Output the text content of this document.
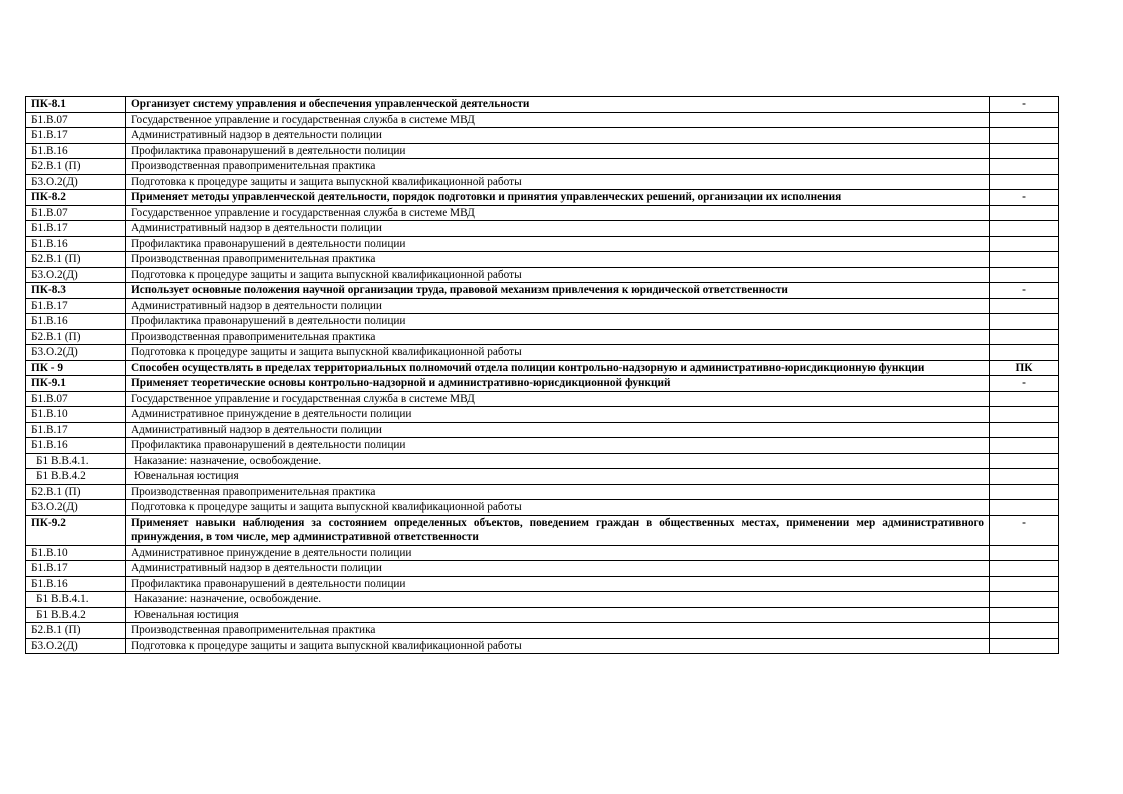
ПК-8.1	Организует систему управления и обеспечения управленческой деятельности	-
Б1.В.07	Государственное управление и государственная служба в системе МВД	
Б1.В.17	Административный надзор в деятельности полиции	
Б1.В.16	Профилактика правонарушений в деятельности полиции	
Б2.В.1 (П)	Производственная правоприменительная практика	
Б3.О.2(Д)	Подготовка к процедуре защиты и защита выпускной квалификационной работы	
ПК-8.2	Применяет методы управленческой деятельности, порядок подготовки и принятия управленческих решений, организации их исполнения	-
Б1.В.07	Государственное управление и государственная служба в системе МВД	
Б1.В.17	Административный надзор в деятельности полиции	
Б1.В.16	Профилактика правонарушений в деятельности полиции	
Б2.В.1 (П)	Производственная правоприменительная практика	
Б3.О.2(Д)	Подготовка к процедуре защиты и защита выпускной квалификационной работы	
ПК-8.3	Использует основные положения научной организации труда, правовой механизм привлечения к юридической ответственности	-
Б1.В.17	Административный надзор в деятельности полиции	
Б1.В.16	Профилактика правонарушений в деятельности полиции	
Б2.В.1 (П)	Производственная правоприменительная практика	
Б3.О.2(Д)	Подготовка к процедуре защиты и защита выпускной квалификационной работы	
ПК - 9	Способен осуществлять в пределах территориальных полномочий отдела полиции контрольно-надзорную и административно-юрисдикционную функции	ПК
ПК-9.1	Применяет теоретические основы контрольно-надзорной и административно-юрисдикционной функций	-
Б1.В.07	Государственное управление и государственная служба в системе МВД	
Б1.В.10	Административное принуждение в деятельности полиции	
Б1.В.17	Административный надзор в деятельности полиции	
Б1.В.16	Профилактика правонарушений в деятельности полиции	
Б1 В.В.4.1.	Наказание: назначение, освобождение.	
Б1 В.В.4.2	Ювенальная юстиция	
Б2.В.1 (П)	Производственная правоприменительная практика	
Б3.О.2(Д)	Подготовка к процедуре защиты и защита выпускной квалификационной работы	
ПК-9.2	Применяет навыки наблюдения за состоянием определенных объектов, поведением граждан в общественных местах, применении мер административного принуждения, в том числе, мер административной ответственности	-
Б1.В.10	Административное принуждение в деятельности полиции	
Б1.В.17	Административный надзор в деятельности полиции	
Б1.В.16	Профилактика правонарушений в деятельности полиции	
Б1 В.В.4.1.	Наказание: назначение, освобождение.	
Б1 В.В.4.2	Ювенальная юстиция	
Б2.В.1 (П)	Производственная правоприменительная практика	
Б3.О.2(Д)	Подготовка к процедуре защиты и защита выпускной квалификационной работы	
